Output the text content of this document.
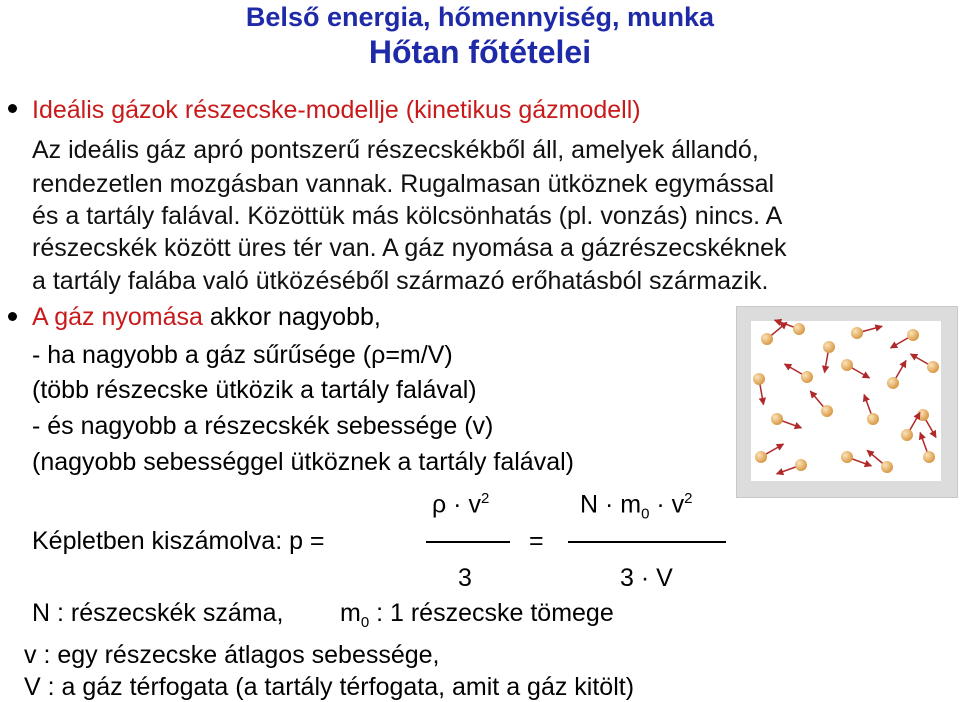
Belső energia, hőmennyiség, munka
Hőtan főtételei
Ideális gázok részecske-modellje (kinetikus gázmodell)
Az ideális gáz apró pontszerű részecskékből áll, amelyek állandó,
rendezetlen mozgásban vannak. Rugalmasan ütköznek egymással
és a tartály falával. Közöttük más kölcsönhatás (pl. vonzás) nincs. A
részecskék között üres tér van. A gáz nyomása a gázrészecskéknek
a tartály falába való ütközéséből származó erőhatásból származik.
A gáz nyomása akkor nagyobb,
- ha nagyobb a gáz sűrűsége (ρ=m/V)
(több részecske ütközik a tartály falával)
- és nagyobb a részecskék sebessége (v)
(nagyobb sebességgel ütköznek a tartály falával)
Képletben kiszámolva: p =
$\rho \cdot v^2$
3
=
$N \cdot m_0 \cdot v^2$
3 · V
N : részecskék száma, $m_0$ : 1 részecske tömege
v : egy részecske átlagos sebessége,
V : a gáz térfogata (a tartály térfogata, amit a gáz kitölt)
